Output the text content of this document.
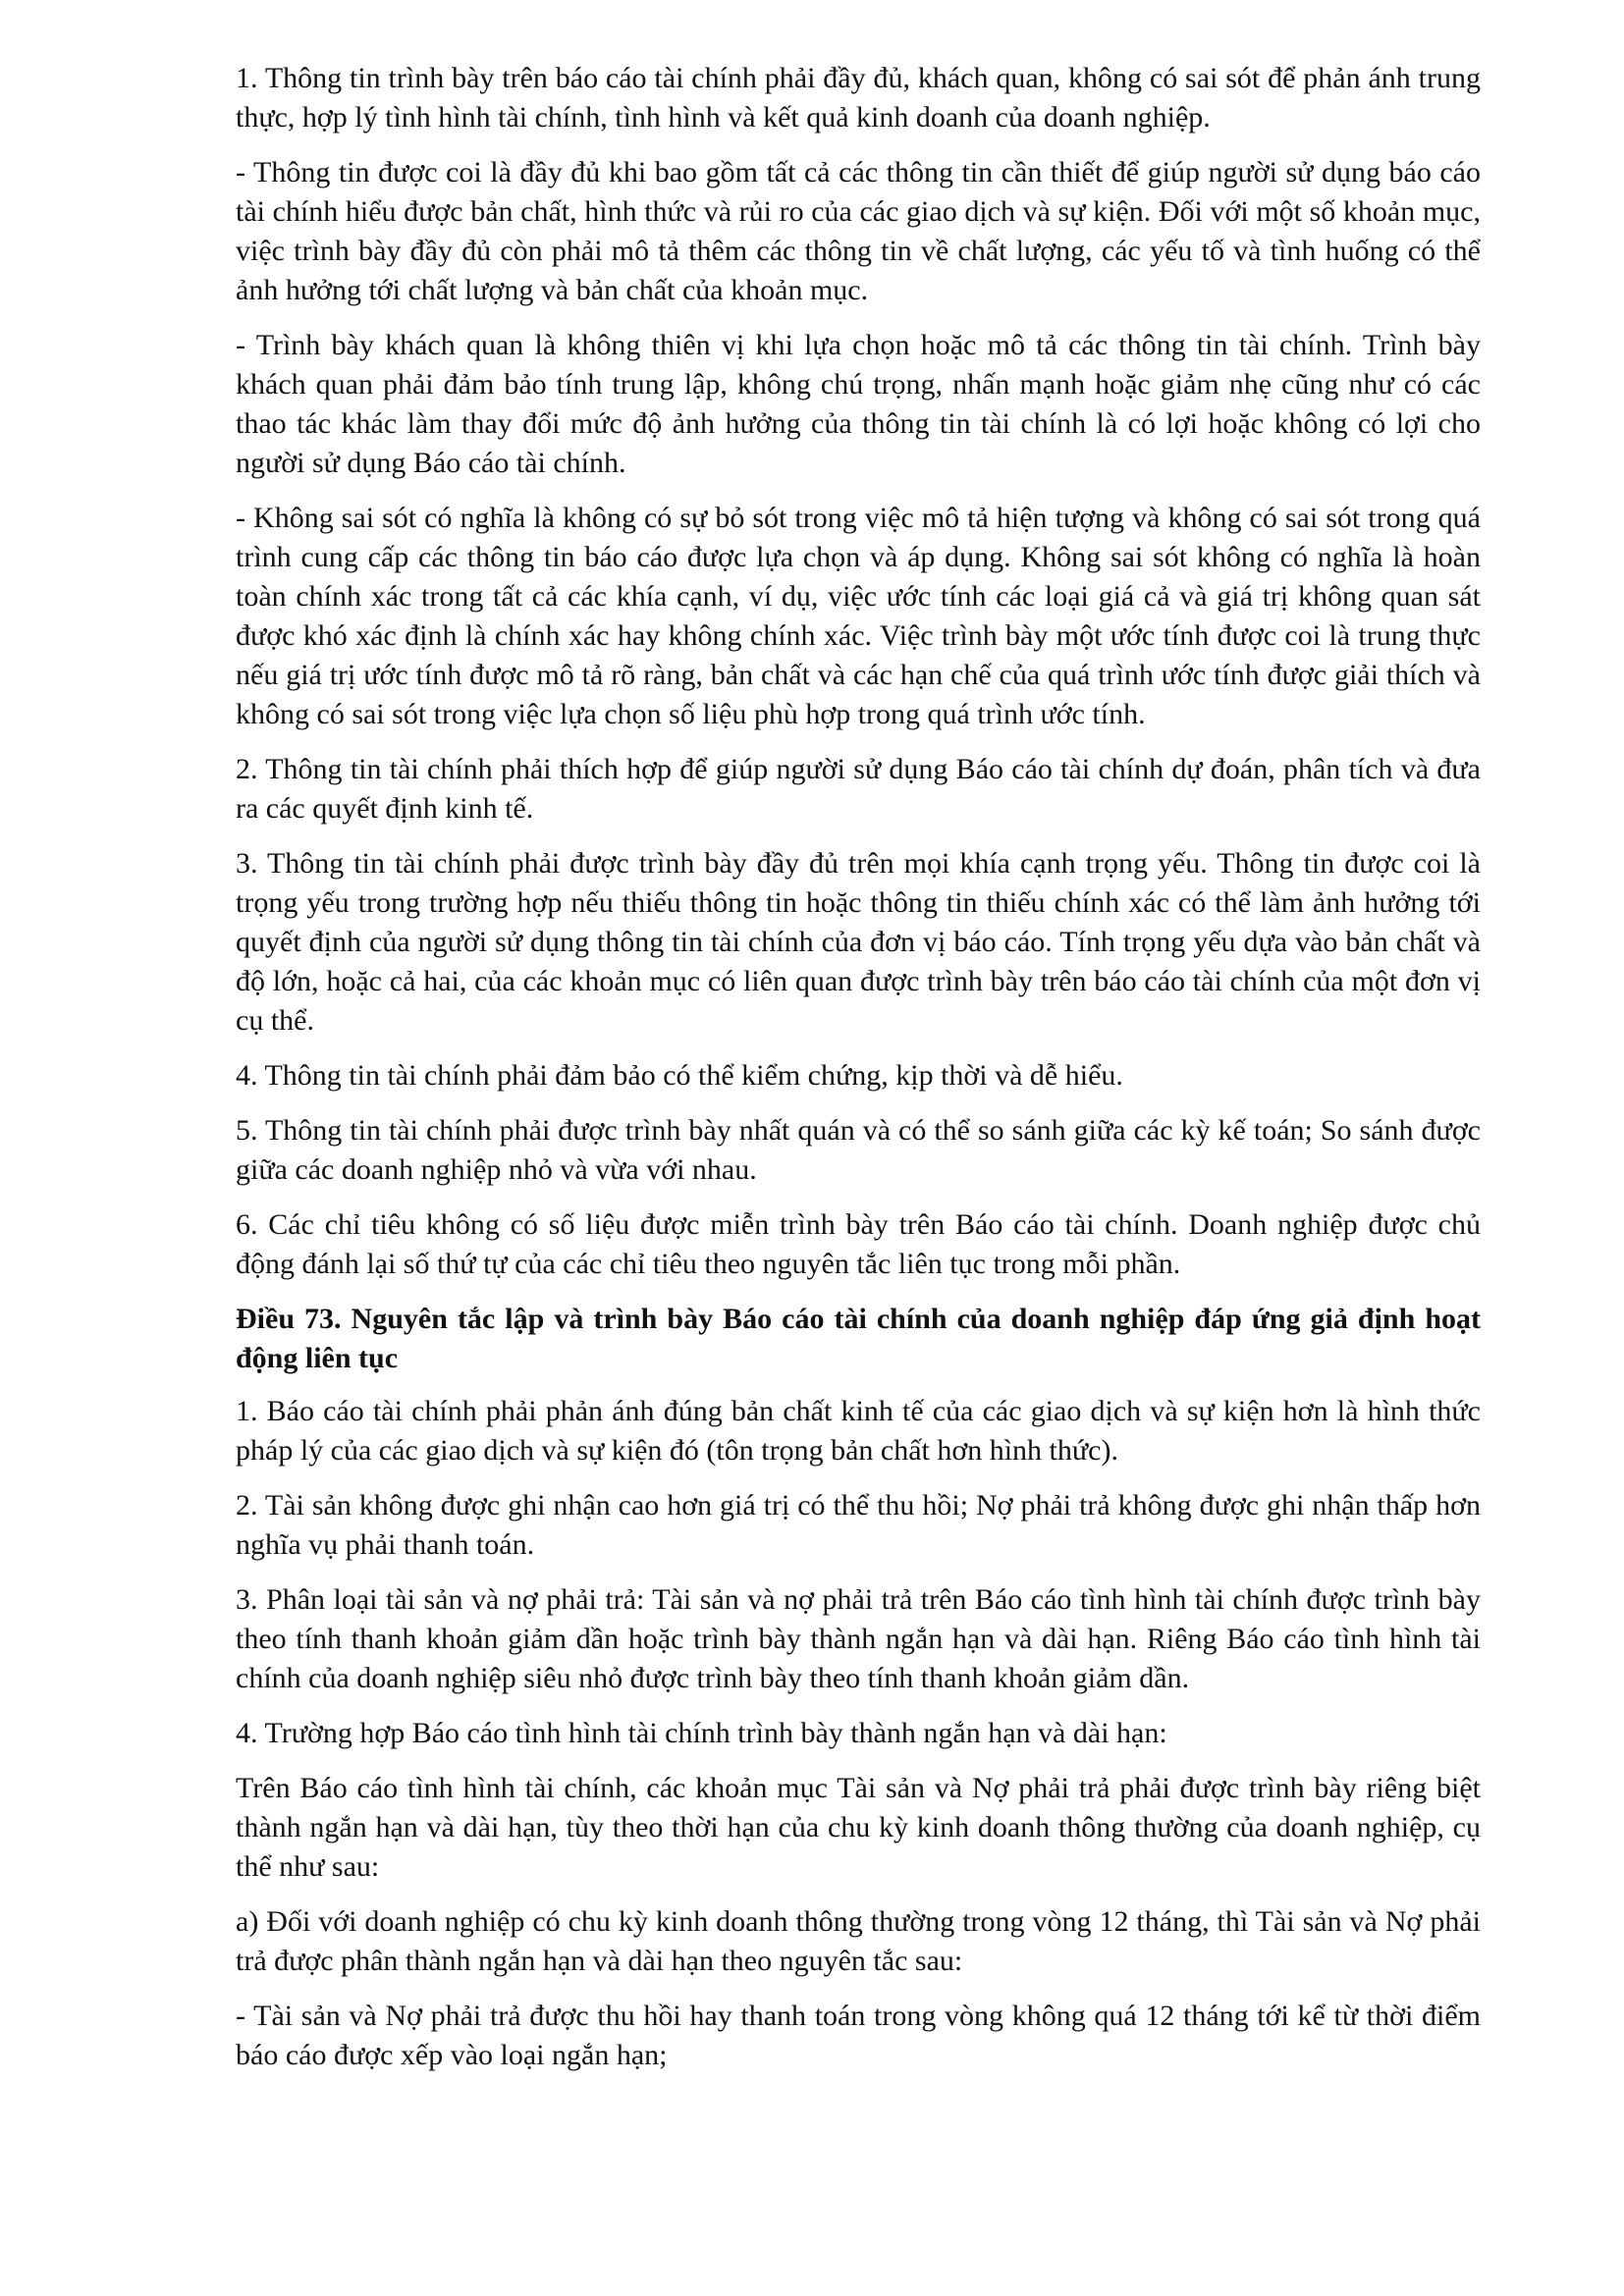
1. Thông tin trình bày trên báo cáo tài chính phải đầy đủ, khách quan, không có sai sót để phản ánh trung thực, hợp lý tình hình tài chính, tình hình và kết quả kinh doanh của doanh nghiệp.

- Thông tin được coi là đầy đủ khi bao gồm tất cả các thông tin cần thiết để giúp người sử dụng báo cáo tài chính hiểu được bản chất, hình thức và rủi ro của các giao dịch và sự kiện. Đối với một số khoản mục, việc trình bày đầy đủ còn phải mô tả thêm các thông tin về chất lượng, các yếu tố và tình huống có thể ảnh hưởng tới chất lượng và bản chất của khoản mục.

- Trình bày khách quan là không thiên vị khi lựa chọn hoặc mô tả các thông tin tài chính. Trình bày khách quan phải đảm bảo tính trung lập, không chú trọng, nhấn mạnh hoặc giảm nhẹ cũng như có các thao tác khác làm thay đổi mức độ ảnh hưởng của thông tin tài chính là có lợi hoặc không có lợi cho người sử dụng Báo cáo tài chính.

- Không sai sót có nghĩa là không có sự bỏ sót trong việc mô tả hiện tượng và không có sai sót trong quá trình cung cấp các thông tin báo cáo được lựa chọn và áp dụng. Không sai sót không có nghĩa là hoàn toàn chính xác trong tất cả các khía cạnh, ví dụ, việc ước tính các loại giá cả và giá trị không quan sát được khó xác định là chính xác hay không chính xác. Việc trình bày một ước tính được coi là trung thực nếu giá trị ước tính được mô tả rõ ràng, bản chất và các hạn chế của quá trình ước tính được giải thích và không có sai sót trong việc lựa chọn số liệu phù hợp trong quá trình ước tính.

2. Thông tin tài chính phải thích hợp để giúp người sử dụng Báo cáo tài chính dự đoán, phân tích và đưa ra các quyết định kinh tế.

3. Thông tin tài chính phải được trình bày đầy đủ trên mọi khía cạnh trọng yếu. Thông tin được coi là trọng yếu trong trường hợp nếu thiếu thông tin hoặc thông tin thiếu chính xác có thể làm ảnh hưởng tới quyết định của người sử dụng thông tin tài chính của đơn vị báo cáo. Tính trọng yếu dựa vào bản chất và độ lớn, hoặc cả hai, của các khoản mục có liên quan được trình bày trên báo cáo tài chính của một đơn vị cụ thể.

4. Thông tin tài chính phải đảm bảo có thể kiểm chứng, kịp thời và dễ hiểu.

5. Thông tin tài chính phải được trình bày nhất quán và có thể so sánh giữa các kỳ kế toán; So sánh được giữa các doanh nghiệp nhỏ và vừa với nhau.

6. Các chỉ tiêu không có số liệu được miễn trình bày trên Báo cáo tài chính. Doanh nghiệp được chủ động đánh lại số thứ tự của các chỉ tiêu theo nguyên tắc liên tục trong mỗi phần.

Điều 73. Nguyên tắc lập và trình bày Báo cáo tài chính của doanh nghiệp đáp ứng giả định hoạt động liên tục

1. Báo cáo tài chính phải phản ánh đúng bản chất kinh tế của các giao dịch và sự kiện hơn là hình thức pháp lý của các giao dịch và sự kiện đó (tôn trọng bản chất hơn hình thức).

2. Tài sản không được ghi nhận cao hơn giá trị có thể thu hồi; Nợ phải trả không được ghi nhận thấp hơn nghĩa vụ phải thanh toán.

3. Phân loại tài sản và nợ phải trả: Tài sản và nợ phải trả trên Báo cáo tình hình tài chính được trình bày theo tính thanh khoản giảm dần hoặc trình bày thành ngắn hạn và dài hạn. Riêng Báo cáo tình hình tài chính của doanh nghiệp siêu nhỏ được trình bày theo tính thanh khoản giảm dần.

4. Trường hợp Báo cáo tình hình tài chính trình bày thành ngắn hạn và dài hạn:

Trên Báo cáo tình hình tài chính, các khoản mục Tài sản và Nợ phải trả phải được trình bày riêng biệt thành ngắn hạn và dài hạn, tùy theo thời hạn của chu kỳ kinh doanh thông thường của doanh nghiệp, cụ thể như sau:

a) Đối với doanh nghiệp có chu kỳ kinh doanh thông thường trong vòng 12 tháng, thì Tài sản và Nợ phải trả được phân thành ngắn hạn và dài hạn theo nguyên tắc sau:

- Tài sản và Nợ phải trả được thu hồi hay thanh toán trong vòng không quá 12 tháng tới kể từ thời điểm báo cáo được xếp vào loại ngắn hạn;
